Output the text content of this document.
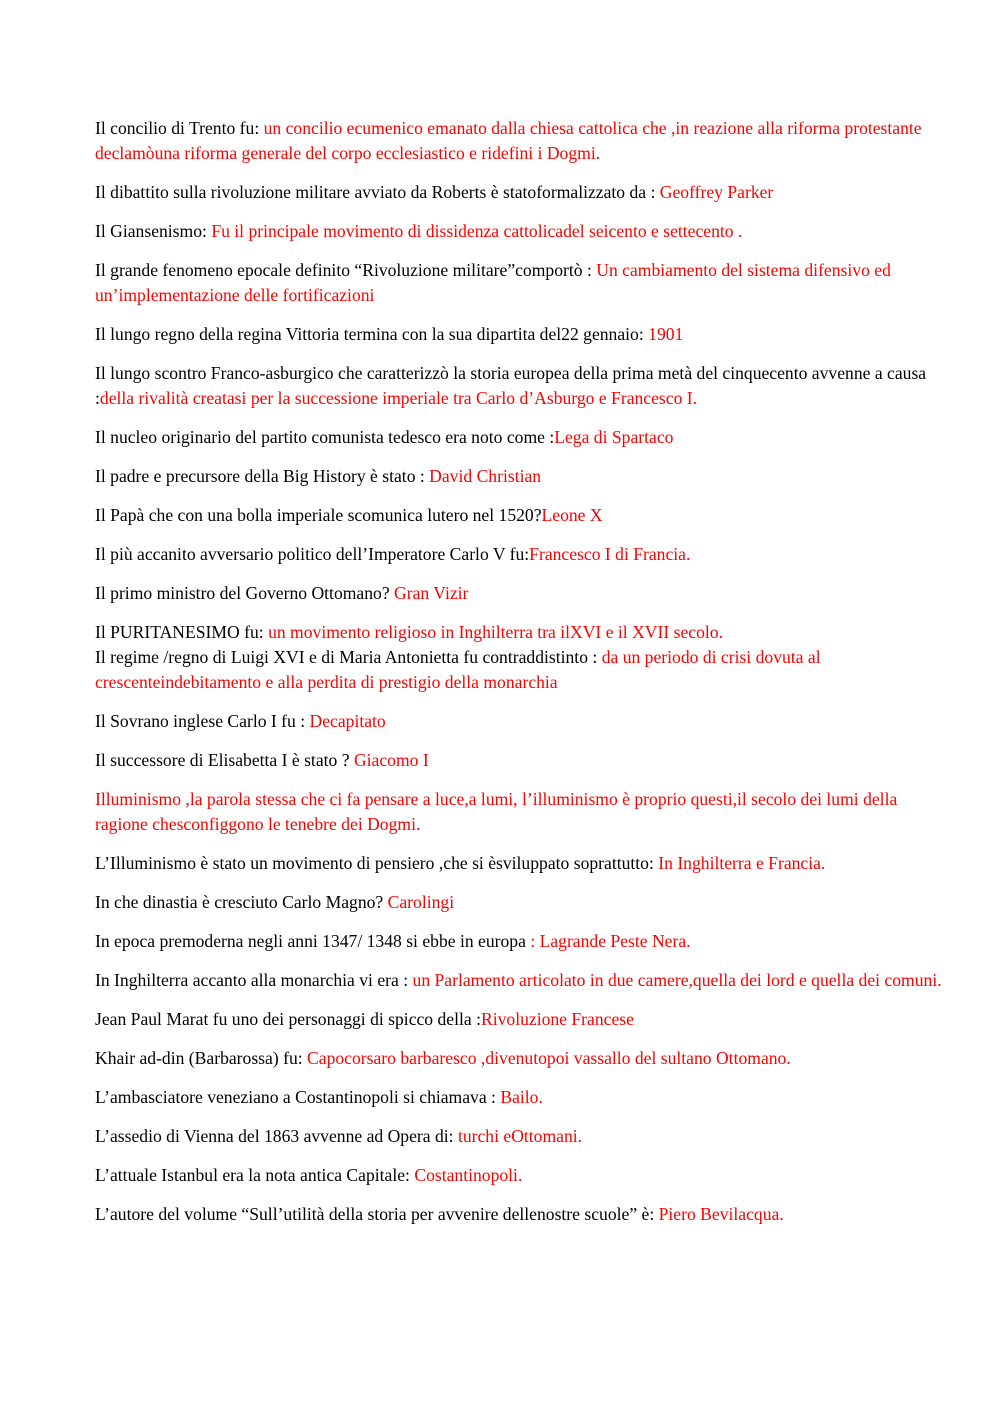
Il concilio di Trento fu: un concilio ecumenico emanato dalla chiesa cattolica che ,in reazione alla riforma protestante declamòuna riforma generale del corpo ecclesiastico e ridefini i Dogmi.

Il dibattito sulla rivoluzione militare avviato da Roberts è statoformalizzato da : Geoffrey Parker

Il Giansenismo: Fu il principale movimento di dissidenza cattolicadel seicento e settecento .

Il grande fenomeno epocale definito “Rivoluzione militare”comportò : Un cambiamento del sistema difensivo ed un’implementazione delle fortificazioni

Il lungo regno della regina Vittoria termina con la sua dipartita del22 gennaio: 1901

Il lungo scontro Franco-asburgico che caratterizzò la storia europea della prima metà del cinquecento avvenne a causa :della rivalità creatasi per la successione imperiale tra Carlo d’Asburgo e Francesco I.

Il nucleo originario del partito comunista tedesco era noto come :Lega di Spartaco

Il padre e precursore della Big History è stato : David Christian

Il Papà che con una bolla imperiale scomunica lutero nel 1520?Leone X

Il più accanito avversario politico dell’Imperatore Carlo V fu:Francesco I di Francia.

Il primo ministro del Governo Ottomano? Gran Vizir

Il PURITANESIMO fu: un movimento religioso in Inghilterra tra ilXVI e il XVII secolo.

Il regime /regno di Luigi XVI e di Maria Antonietta fu contraddistinto : da un periodo di crisi dovuta al crescenteindebitamento e alla perdita di prestigio della monarchia

Il Sovrano inglese Carlo I fu : Decapitato

Il successore di Elisabetta I è stato ? Giacomo I

Illuminismo ,la parola stessa che ci fa pensare a luce,a lumi, l’illuminismo è proprio questi,il secolo dei lumi della ragione chesconfiggono le tenebre dei Dogmi.

L’Illuminismo è stato un movimento di pensiero ,che si èsviluppato soprattutto: In Inghilterra e Francia.

In che dinastia è cresciuto Carlo Magno? Carolingi

In epoca premoderna negli anni 1347/ 1348 si ebbe in europa : Lagrande Peste Nera.

In Inghilterra accanto alla monarchia vi era : un Parlamento articolato in due camere,quella dei lord e quella dei comuni.

Jean Paul Marat fu uno dei personaggi di spicco della :Rivoluzione Francese

Khair ad-din (Barbarossa) fu: Capocorsaro barbaresco ,divenutopoi vassallo del sultano Ottomano.

L’ambasciatore veneziano a Costantinopoli si chiamava : Bailo.

L’assedio di Vienna del 1863 avvenne ad Opera di: turchi eOttomani.

L’attuale Istanbul era la nota antica Capitale: Costantinopoli.

L’autore del volume “Sull’utilità della storia per avvenire dellenostre scuole” è: Piero Bevilacqua.
